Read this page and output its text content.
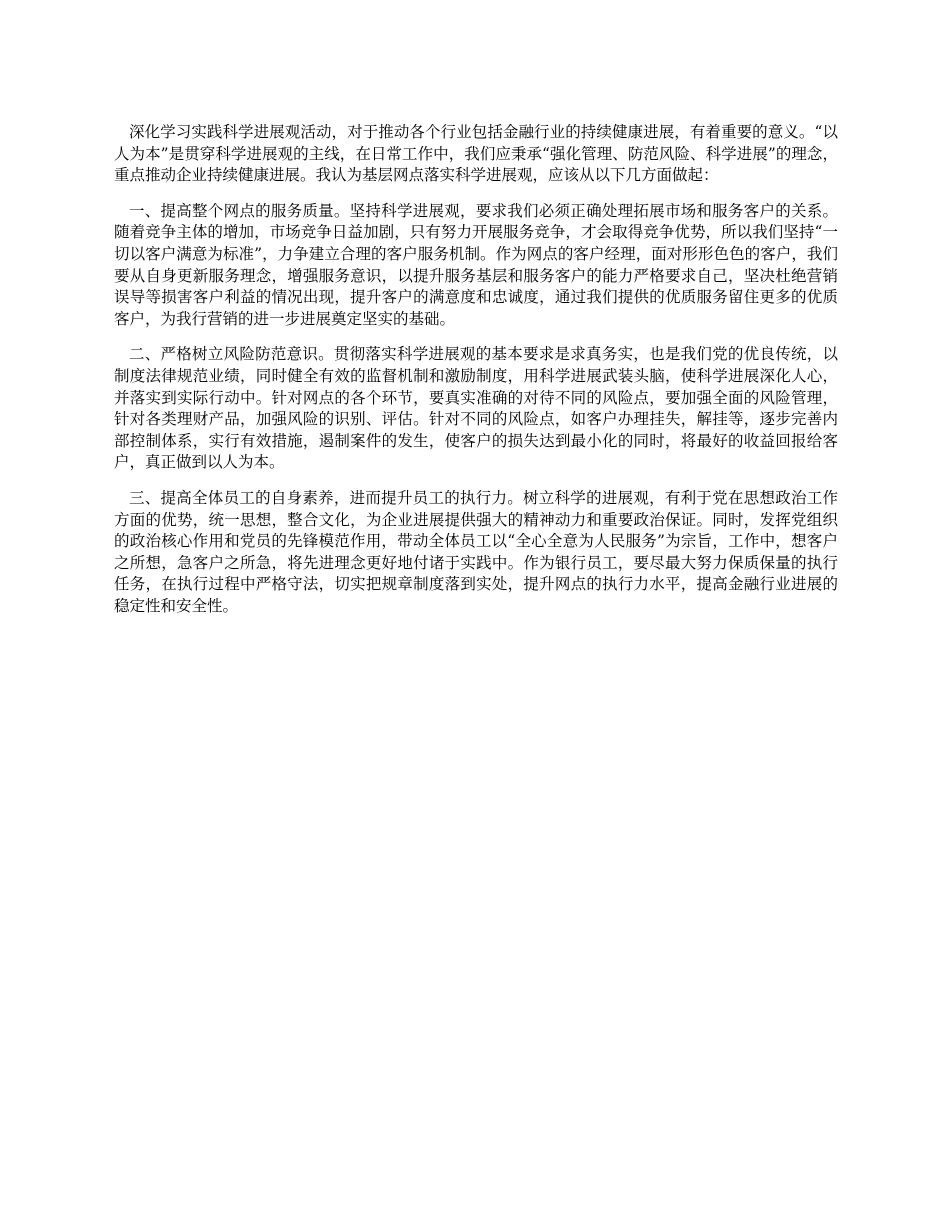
深化学习实践科学进展观活动，对于推动各个行业包括金融行业的持续健康进展，有着重要的意义。“以人为本”是贯穿科学进展观的主线，在日常工作中，我们应秉承“强化管理、防范风险、科学进展”的理念，重点推动企业持续健康进展。我认为基层网点落实科学进展观，应该从以下几方面做起：

一、提高整个网点的服务质量。坚持科学进展观，要求我们必须正确处理拓展市场和服务客户的关系。随着竞争主体的增加，市场竞争日益加剧，只有努力开展服务竞争，才会取得竞争优势，所以我们坚持“一切以客户满意为标准”，力争建立合理的客户服务机制。作为网点的客户经理，面对形形色色的客户，我们要从自身更新服务理念，增强服务意识，以提升服务基层和服务客户的能力严格要求自己，坚决杜绝营销误导等损害客户利益的情况出现，提升客户的满意度和忠诚度，通过我们提供的优质服务留住更多的优质客户，为我行营销的进一步进展奠定坚实的基础。

二、严格树立风险防范意识。贯彻落实科学进展观的基本要求是求真务实，也是我们党的优良传统，以制度法律规范业绩，同时健全有效的监督机制和激励制度，用科学进展武装头脑，使科学进展深化人心，并落实到实际行动中。针对网点的各个环节，要真实准确的对待不同的风险点，要加强全面的风险管理，针对各类理财产品，加强风险的识别、评估。针对不同的风险点，如客户办理挂失，解挂等，逐步完善内部控制体系，实行有效措施，遏制案件的发生，使客户的损失达到最小化的同时，将最好的收益回报给客户，真正做到以人为本。

三、提高全体员工的自身素养，进而提升员工的执行力。树立科学的进展观，有利于党在思想政治工作方面的优势，统一思想，整合文化，为企业进展提供强大的精神动力和重要政治保证。同时，发挥党组织的政治核心作用和党员的先锋模范作用，带动全体员工以“全心全意为人民服务”为宗旨，工作中，想客户之所想，急客户之所急，将先进理念更好地付诸于实践中。作为银行员工，要尽最大努力保质保量的执行任务，在执行过程中严格守法，切实把规章制度落到实处，提升网点的执行力水平，提高金融行业进展的稳定性和安全性。
